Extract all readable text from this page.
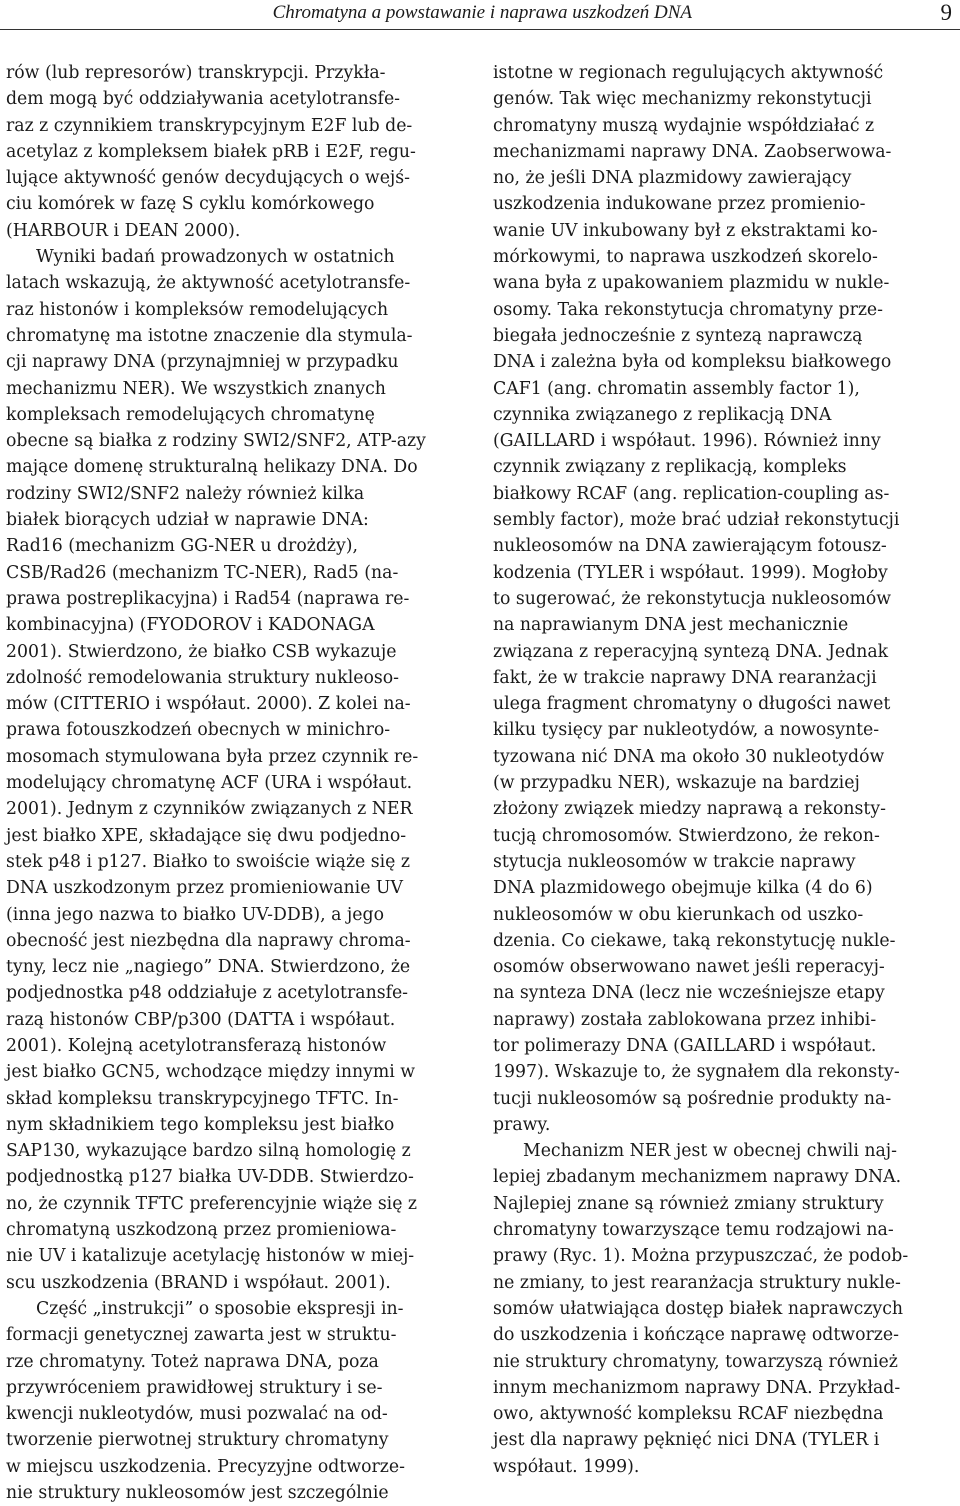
Chromatyna a powstawanie i naprawa uszkodzeń DNA	9

rów (lub represorów) transkrypcji. Przykła-
dem mogą być oddziaływania acetylotransfe-
raz z czynnikiem transkrypcyjnym E2F lub de-
acetylaz z kompleksem białek pRB i E2F, regu-
lujące aktywność genów decydujących o wejś-
ciu komórek w fazę S cyklu komórkowego
(HARBOUR i DEAN 2000).

Wyniki badań prowadzonych w ostatnich
latach wskazują, że aktywność acetylotransfe-
raz histonów i kompleksów remodelujących
chromatynę ma istotne znaczenie dla stymula-
cji naprawy DNA (przynajmniej w przypadku
mechanizmu NER). We wszystkich znanych
kompleksach remodelujących chromatynę
obecne są białka z rodziny SWI2/SNF2, ATP-azy
mające domenę strukturalną helikazy DNA. Do
rodziny SWI2/SNF2 należy również kilka
białek biorących udział w naprawie DNA:
Rad16 (mechanizm GG-NER u drożdży),
CSB/Rad26 (mechanizm TC-NER), Rad5 (na-
prawa postreplikacyjna) i Rad54 (naprawa re-
kombinacyjna) (FYODOROV i KADONAGA
2001). Stwierdzono, że białko CSB wykazuje
zdolność remodelowania struktury nukleoso-
mów (CITTERIO i współaut. 2000). Z kolei na-
prawa fotouszkodzeń obecnych w minichro-
mosomach stymulowana była przez czynnik re-
modelujący chromatynę ACF (URA i współaut.
2001). Jednym z czynników związanych z NER
jest białko XPE, składające się dwu podjedno-
stek p48 i p127. Białko to swoiście wiąże się z
DNA uszkodzonym przez promieniowanie UV
(inna jego nazwa to białko UV-DDB), a jego
obecność jest niezbędna dla naprawy chroma-
tyny, lecz nie „nagiego” DNA. Stwierdzono, że
podjednostka p48 oddziałuje z acetylotransfe-
razą histonów CBP/p300 (DATTA i współaut.
2001). Kolejną acetylotransferazą histonów
jest białko GCN5, wchodzące między innymi w
skład kompleksu transkrypcyjnego TFTC. In-
nym składnikiem tego kompleksu jest białko
SAP130, wykazujące bardzo silną homologię z
podjednostką p127 białka UV-DDB. Stwierdzo-
no, że czynnik TFTC preferencyjnie wiąże się z
chromatyną uszkodzoną przez promieniowa-
nie UV i katalizuje acetylację histonów w miej-
scu uszkodzenia (BRAND i współaut. 2001).

Część „instrukcji” o sposobie ekspresji in-
formacji genetycznej zawarta jest w struktu-
rze chromatyny. Toteż naprawa DNA, poza
przywróceniem prawidłowej struktury i se-
kwencji nukleotydów, musi pozwalać na od-
tworzenie pierwotnej struktury chromatyny
w miejscu uszkodzenia. Precyzyjne odtworze-
nie struktury nukleosomów jest szczególnie

istotne w regionach regulujących aktywność
genów. Tak więc mechanizmy rekonstytucji
chromatyny muszą wydajnie współdziałać z
mechanizmami naprawy DNA. Zaobserwowa-
no, że jeśli DNA plazmidowy zawierający
uszkodzenia indukowane przez promienio-
wanie UV inkubowany był z ekstraktami ko-
mórkowymi, to naprawa uszkodzeń skorelo-
wana była z upakowaniem plazmidu w nukle-
osomy. Taka rekonstytucja chromatyny prze-
biegała jednocześnie z syntezą naprawczą
DNA i zależna była od kompleksu białkowego
CAF1 (ang. chromatin assembly factor 1),
czynnika związanego z replikacją DNA
(GAILLARD i współaut. 1996). Również inny
czynnik związany z replikacją, kompleks
białkowy RCAF (ang. replication-coupling as-
sembly factor), może brać udział rekonstytucji
nukleosomów na DNA zawierającym fotousz-
kodzenia (TYLER i współaut. 1999). Mogłoby
to sugerować, że rekonstytucja nukleosomów
na naprawianym DNA jest mechanicznie
związana z reperacyjną syntezą DNA. Jednak
fakt, że w trakcie naprawy DNA rearanżacji
ulega fragment chromatyny o długości nawet
kilku tysięcy par nukleotydów, a nowosynte-
tyzowana nić DNA ma około 30 nukleotydów
(w przypadku NER), wskazuje na bardziej
złożony związek miedzy naprawą a rekonsty-
tucją chromosomów. Stwierdzono, że rekon-
stytucja nukleosomów w trakcie naprawy
DNA plazmidowego obejmuje kilka (4 do 6)
nukleosomów w obu kierunkach od uszko-
dzenia. Co ciekawe, taką rekonstytucję nukle-
osomów obserwowano nawet jeśli reperacyj-
na synteza DNA (lecz nie wcześniejsze etapy
naprawy) została zablokowana przez inhibi-
tor polimerazy DNA (GAILLARD i współaut.
1997). Wskazuje to, że sygnałem dla rekonsty-
tucji nukleosomów są pośrednie produkty na-
prawy.

Mechanizm NER jest w obecnej chwili naj-
lepiej zbadanym mechanizmem naprawy DNA.
Najlepiej znane są również zmiany struktury
chromatyny towarzyszące temu rodzajowi na-
prawy (Ryc. 1). Można przypuszczać, że podob-
ne zmiany, to jest rearanżacja struktury nukle-
somów ułatwiająca dostęp białek naprawczych
do uszkodzenia i kończące naprawę odtworze-
nie struktury chromatyny, towarzyszą również
innym mechanizmom naprawy DNA. Przykład-
owo, aktywność kompleksu RCAF niezbędna
jest dla naprawy pęknięć nici DNA (TYLER i
współaut. 1999).
